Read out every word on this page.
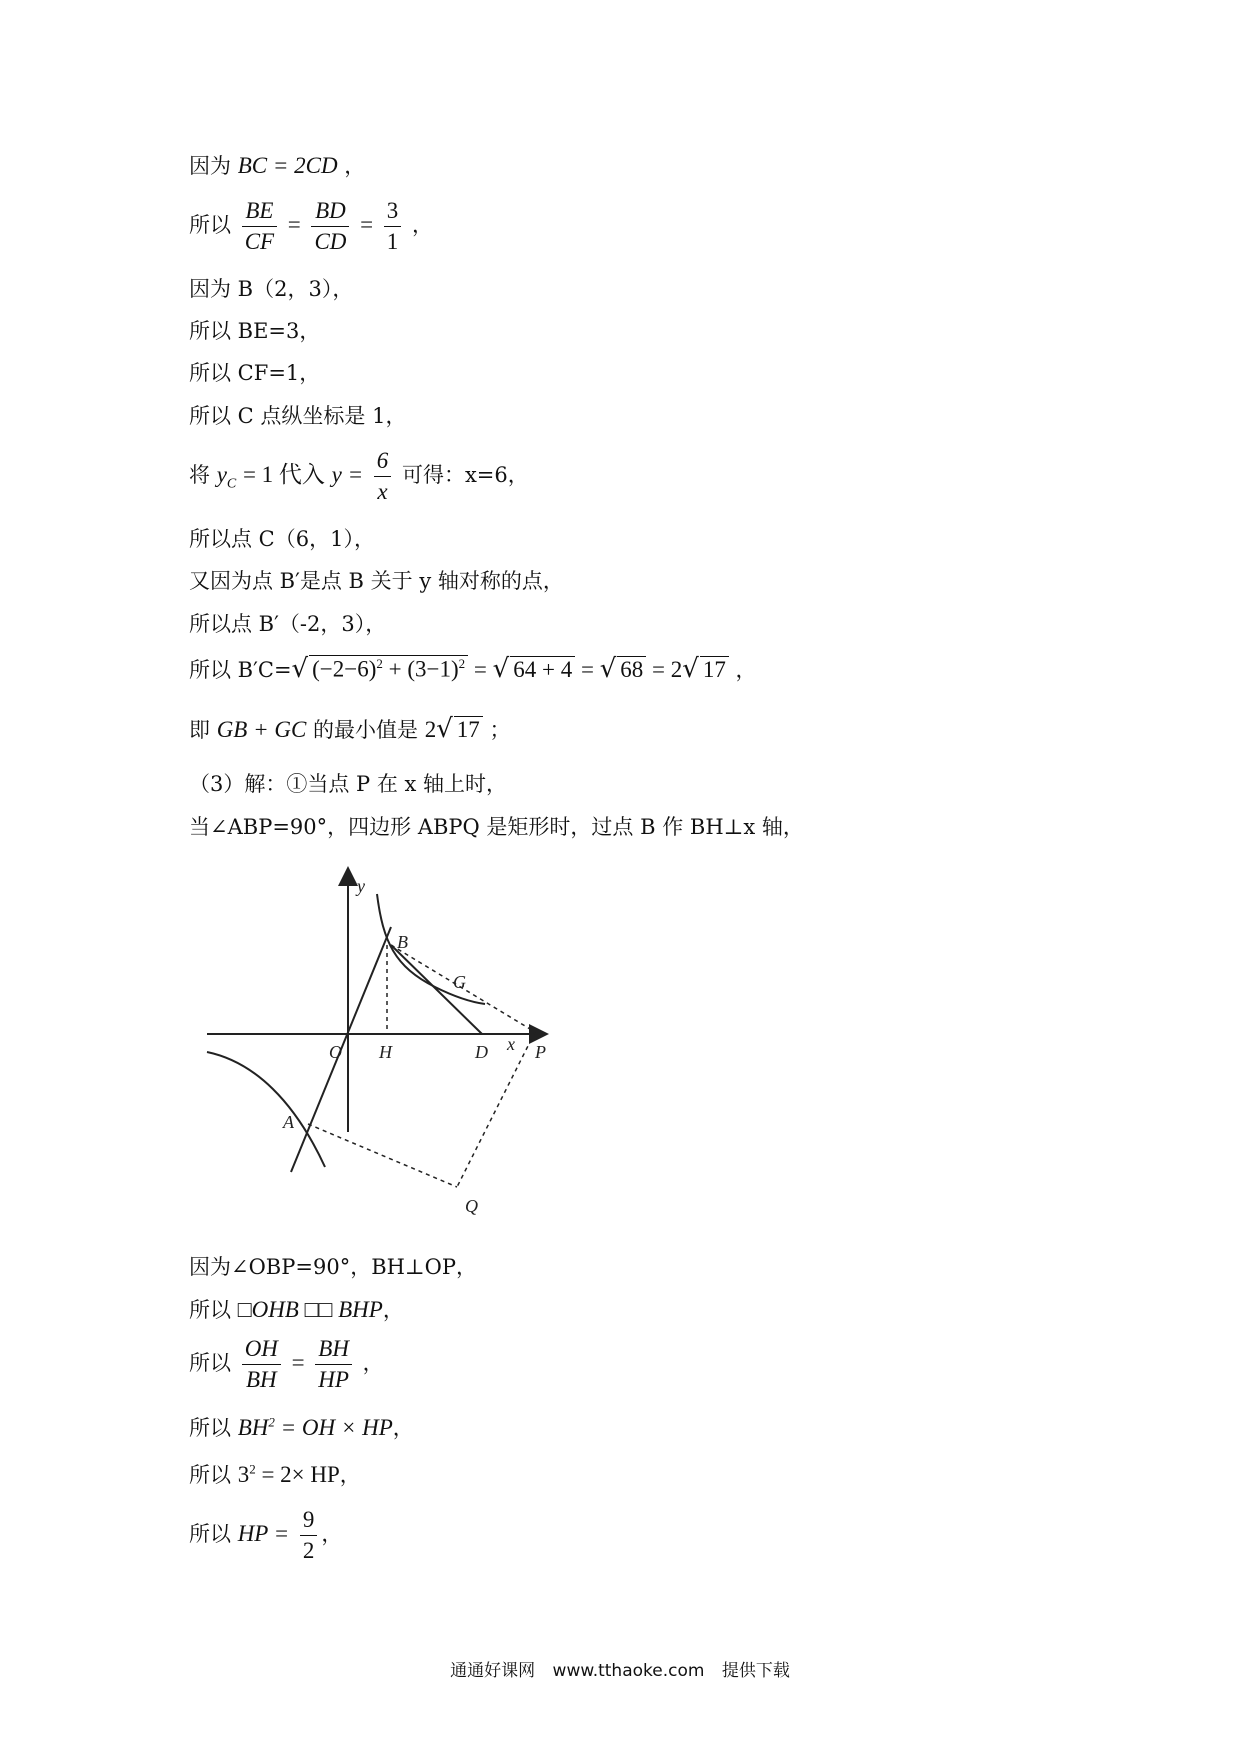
因为 BC = 2CD ，
所以 $\frac{BE}{CF} = \frac{BD}{CD} = \frac{3}{1}$ ，
因为 B（2，3），
所以 BE=3，
所以 CF=1，
所以 C 点纵坐标是 1，
将 $y_C = 1$ 代入 $y = \frac{6}{x}$ 可得：x=6，
所以点 C（6，1），
又因为点 B′是点 B 关于 y 轴对称的点，
所以点 B′（-2，3），
所以 B′C=√ $(-2-6)^2 + (3-1)^2$ = √ 64 + 4 = √ 68 = 2√ 17 ，
即 GB + GC 的最小值是 2√ 17 ；
（3）解：①当点 P 在 x 轴上时，
当∠ABP=90°，四边形 ABPQ 是矩形时，过点 B 作 BH⊥x 轴，
y
x
O H	D	P
B
G
A
Q
因为∠OBP=90°，BH⊥OP，
所以 □OHB □□ BHP，
所以 $\frac{OH}{BH} = \frac{BH}{HP}$ ，
所以 $BH^2$ = OH × HP，
所以 $3^2 = 2\times$ HP，
所以 HP = $\frac{9}{2}$ ，
通通好课网 www.tthaoke.com 提供下载
